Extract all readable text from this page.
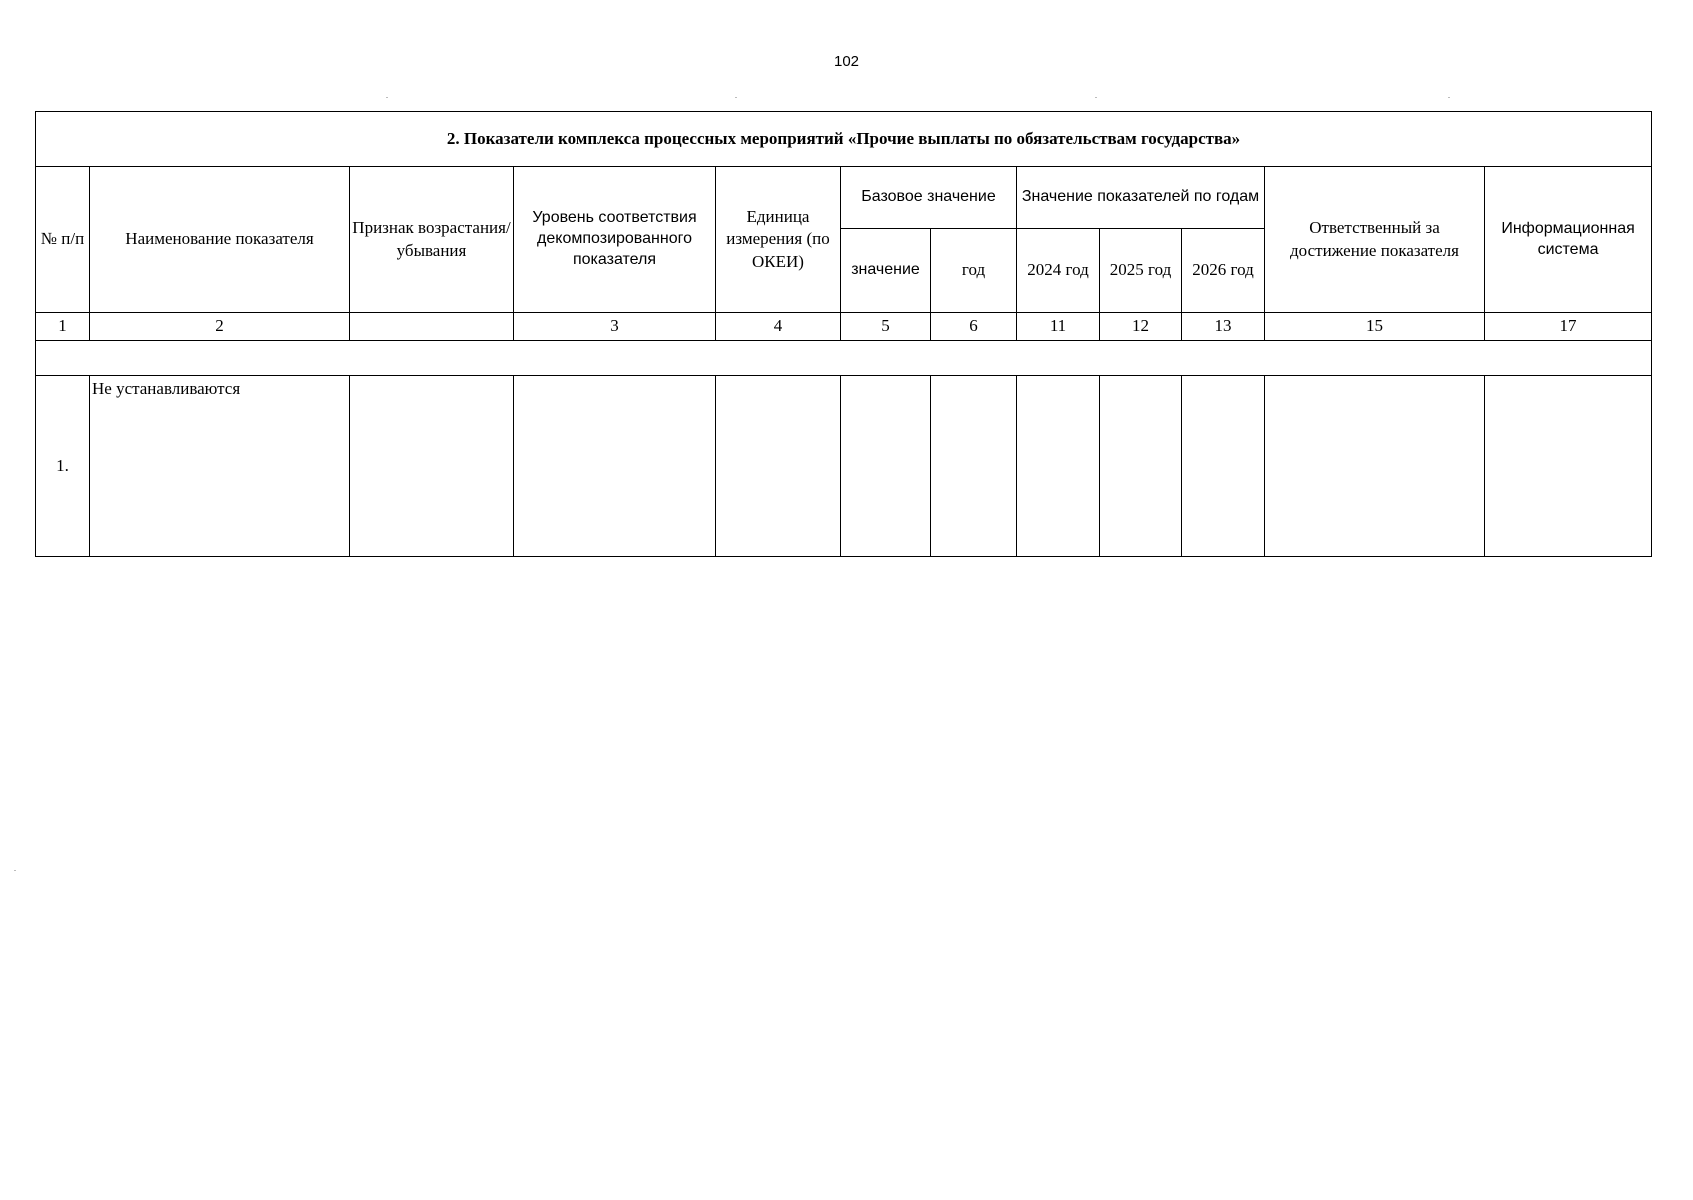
102
2. Показатели комплекса процессных мероприятий «Прочие выплаты по обязательствам государства»											
№ п/п	Наименование показателя	Признак возрастания/ убывания	Уровень соответствия декомпозированного показателя	Единица измерения (по ОКЕИ)	Базовое значение		Значение показателей по годам			Ответственный за достижение показателя	Информационная система
					значение	год	2024 год	2025 год	2026 год		
1	2		3	4	5	6	11	12	13	15	17

1.	Не устанавливаются										
